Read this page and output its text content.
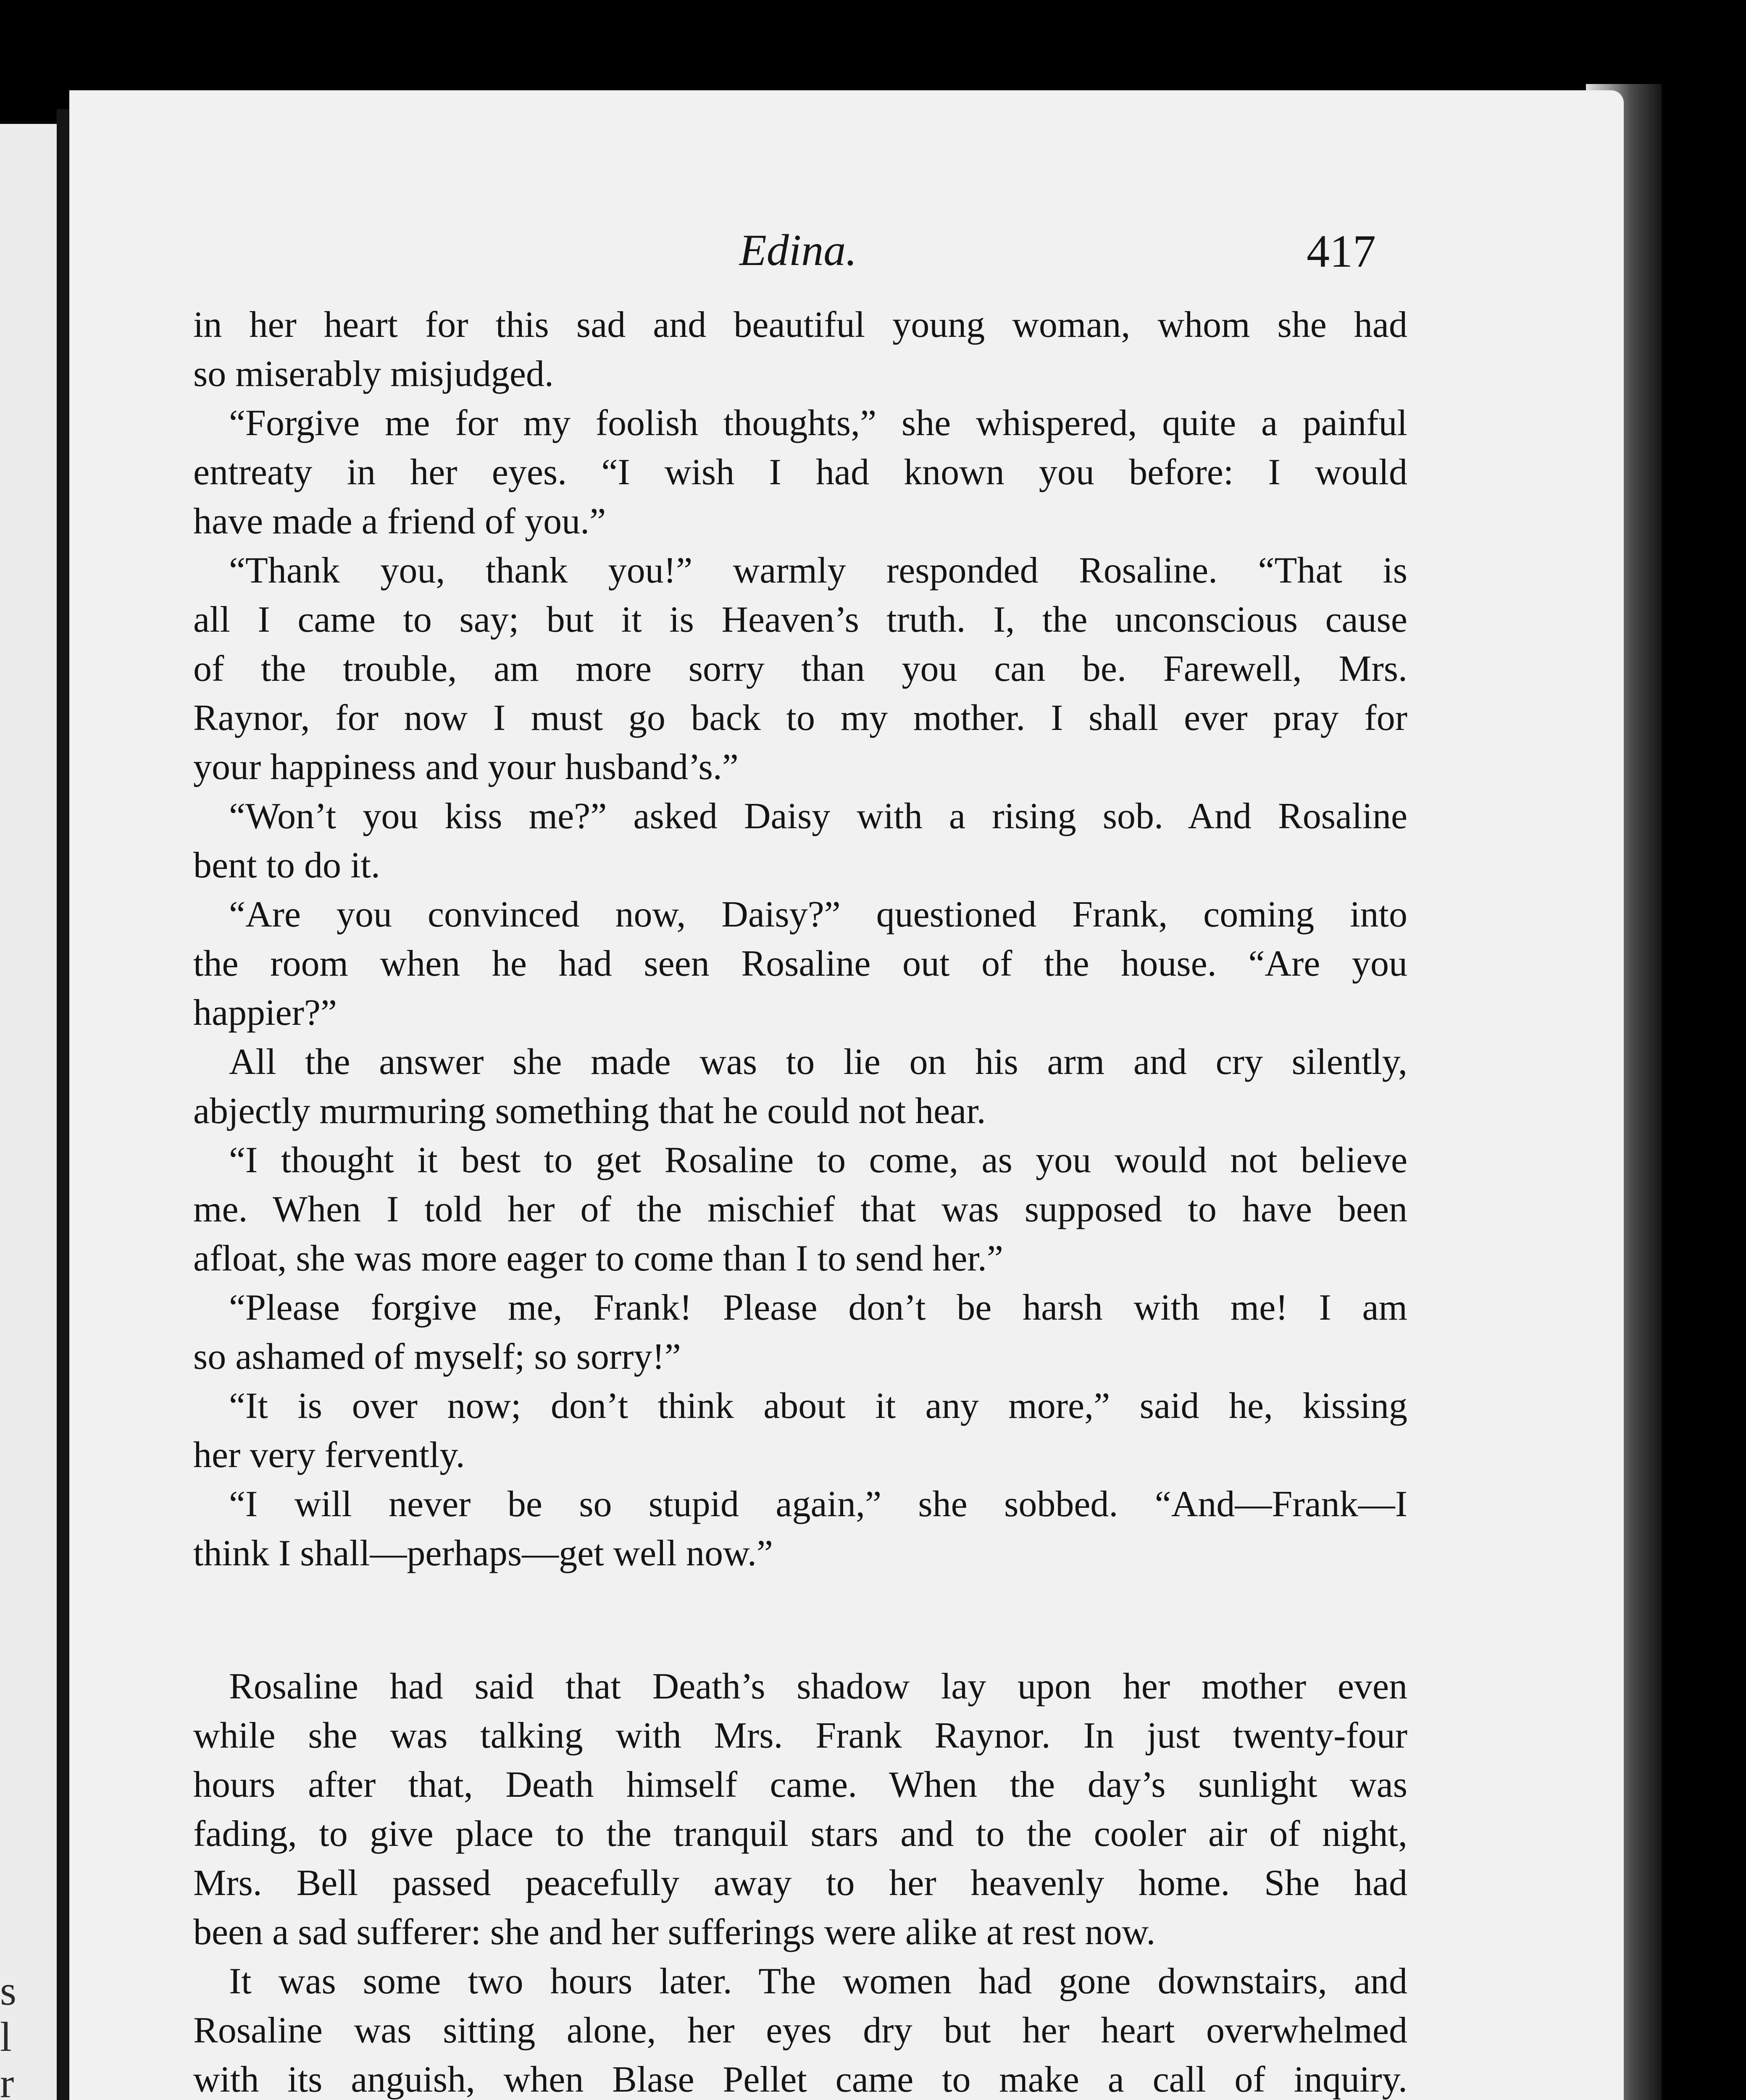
s
l
r
Edina.	417
in her heart for this sad and beautiful young woman, whom she had
so miserably misjudged.
“Forgive me for my foolish thoughts,” she whispered, quite a painful
entreaty in her eyes. “I wish I had known you before: I would
have made a friend of you.”
“Thank you, thank you!” warmly responded Rosaline. “That is
all I came to say; but it is Heaven’s truth. I, the unconscious cause
of the trouble, am more sorry than you can be. Farewell, Mrs.
Raynor, for now I must go back to my mother. I shall ever pray for
your happiness and your husband’s.”
“Won’t you kiss me?” asked Daisy with a rising sob. And Rosaline
bent to do it.
“Are you convinced now, Daisy?” questioned Frank, coming into
the room when he had seen Rosaline out of the house. “Are you
happier?”
All the answer she made was to lie on his arm and cry silently,
abjectly murmuring something that he could not hear.
“I thought it best to get Rosaline to come, as you would not believe
me. When I told her of the mischief that was supposed to have been
afloat, she was more eager to come than I to send her.”
“Please forgive me, Frank! Please don’t be harsh with me! I am
so ashamed of myself; so sorry!”
“It is over now; don’t think about it any more,” said he, kissing
her very fervently.
“I will never be so stupid again,” she sobbed. “And—Frank—I
think I shall—perhaps—get well now.”
Rosaline had said that Death’s shadow lay upon her mother even
while she was talking with Mrs. Frank Raynor. In just twenty-four
hours after that, Death himself came. When the day’s sunlight was
fading, to give place to the tranquil stars and to the cooler air of night,
Mrs. Bell passed peacefully away to her heavenly home. She had
been a sad sufferer: she and her sufferings were alike at rest now.
It was some two hours later. The women had gone downstairs, and
Rosaline was sitting alone, her eyes dry but her heart overwhelmed
with its anguish, when Blase Pellet came to make a call of inquiry.
